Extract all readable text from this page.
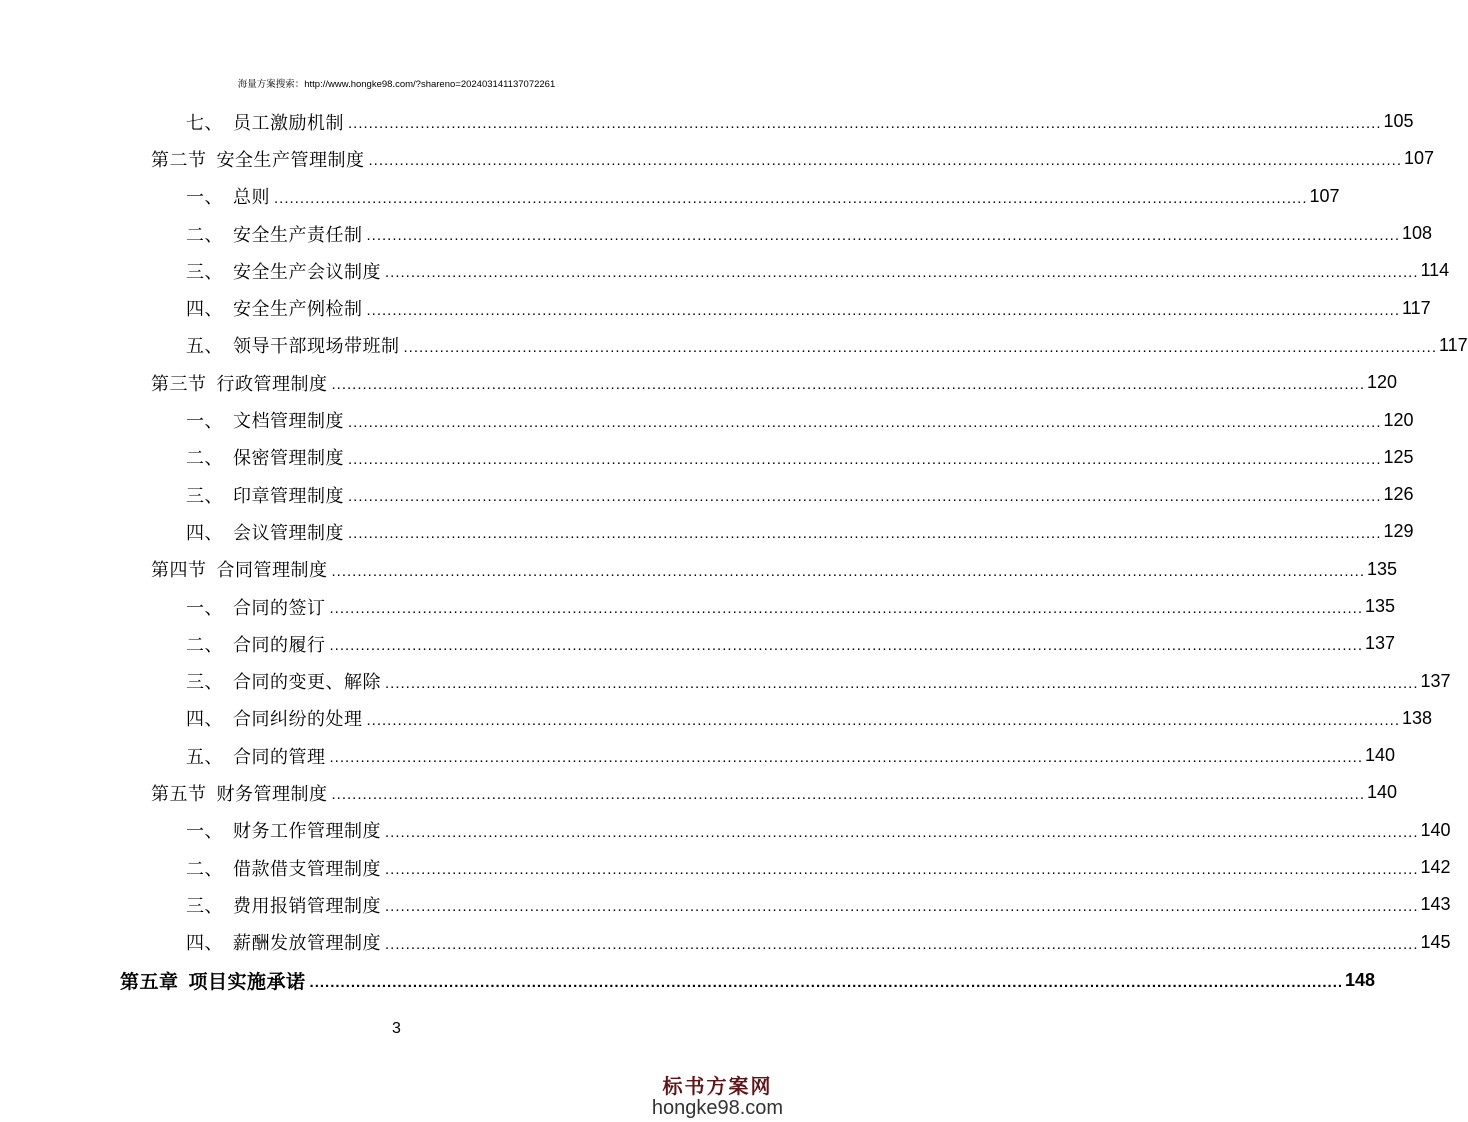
海量方案搜索：http://www.hongke98.com/?shareno=202403141137072261
七、 员工激励机制 ........................................................................................................................................................................................................ 105
第二节 安全生产管理制度 ........................................................................................................................................................................................................ 107
一、 总则 ........................................................................................................................................................................................................ 107
二、 安全生产责任制 ........................................................................................................................................................................................................ 108
三、 安全生产会议制度 ........................................................................................................................................................................................................ 114
四、 安全生产例检制 ........................................................................................................................................................................................................ 117
五、 领导干部现场带班制 ........................................................................................................................................................................................................ 117
第三节 行政管理制度 ........................................................................................................................................................................................................ 120
一、 文档管理制度 ........................................................................................................................................................................................................ 120
二、 保密管理制度 ........................................................................................................................................................................................................ 125
三、 印章管理制度 ........................................................................................................................................................................................................ 126
四、 会议管理制度 ........................................................................................................................................................................................................ 129
第四节 合同管理制度 ........................................................................................................................................................................................................ 135
一、 合同的签订 ........................................................................................................................................................................................................ 135
二、 合同的履行 ........................................................................................................................................................................................................ 137
三、 合同的变更、解除 ........................................................................................................................................................................................................ 137
四、 合同纠纷的处理 ........................................................................................................................................................................................................ 138
五、 合同的管理 ........................................................................................................................................................................................................ 140
第五节 财务管理制度 ........................................................................................................................................................................................................ 140
一、 财务工作管理制度 ........................................................................................................................................................................................................ 140
二、 借款借支管理制度 ........................................................................................................................................................................................................ 142
三、 费用报销管理制度 ........................................................................................................................................................................................................ 143
四、 薪酬发放管理制度 ........................................................................................................................................................................................................ 145
第五章 项目实施承诺 ........................................................................................................................................................................................................ 148
3
标书方案网
hongke98.com
